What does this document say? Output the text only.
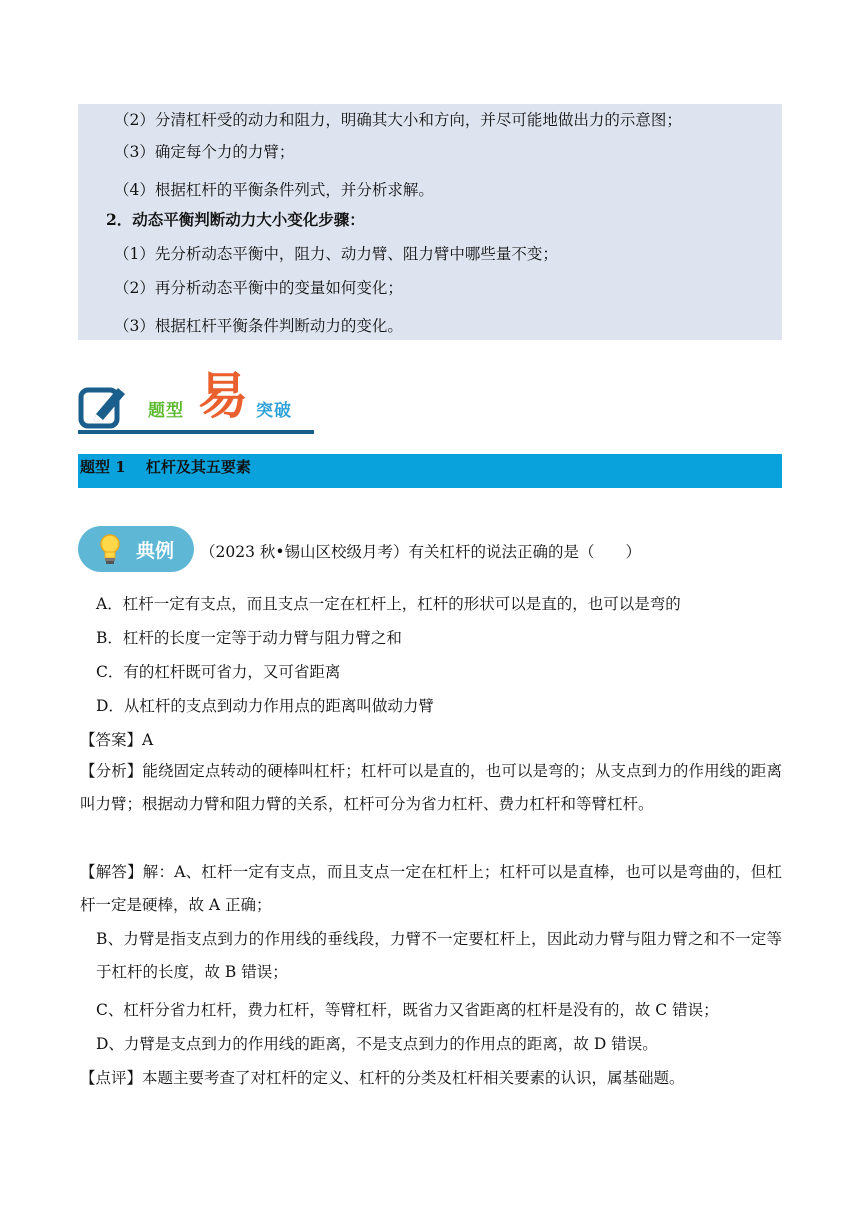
（2）分清杠杆受的动力和阻力，明确其大小和方向，并尽可能地做出力的示意图；
（3）确定每个力的力臂；
（4）根据杠杆的平衡条件列式，并分析求解。
2．动态平衡判断动力大小变化步骤：
（1）先分析动态平衡中，阻力、动力臂、阻力臂中哪些量不变；
（2）再分析动态平衡中的变量如何变化；
（3）根据杠杆平衡条件判断动力的变化。
题型 易 突破
题型 1　 杠杆及其五要素
典例 （2023 秋•锡山区校级月考）有关杠杆的说法正确的是（　　）
A．杠杆一定有支点，而且支点一定在杠杆上，杠杆的形状可以是直的，也可以是弯的
B．杠杆的长度一定等于动力臂与阻力臂之和
C．有的杠杆既可省力，又可省距离
D．从杠杆的支点到动力作用点的距离叫做动力臂
【答案】A
【分析】能绕固定点转动的硬棒叫杠杆；杠杆可以是直的，也可以是弯的；从支点到力的作用线的距离叫力臂；根据动力臂和阻力臂的关系，杠杆可分为省力杠杆、费力杠杆和等臂杠杆。
【解答】解：A、杠杆一定有支点，而且支点一定在杠杆上；杠杆可以是直棒，也可以是弯曲的，但杠杆一定是硬棒，故 A 正确；
B、力臂是指支点到力的作用线的垂线段，力臂不一定要杠杆上，因此动力臂与阻力臂之和不一定等于杠杆的长度，故 B 错误；
C、杠杆分省力杠杆，费力杠杆，等臂杠杆，既省力又省距离的杠杆是没有的，故 C 错误；
D、力臂是支点到力的作用线的距离，不是支点到力的作用点的距离，故 D 错误。
【点评】本题主要考查了对杠杆的定义、杠杆的分类及杠杆相关要素的认识，属基础题。
